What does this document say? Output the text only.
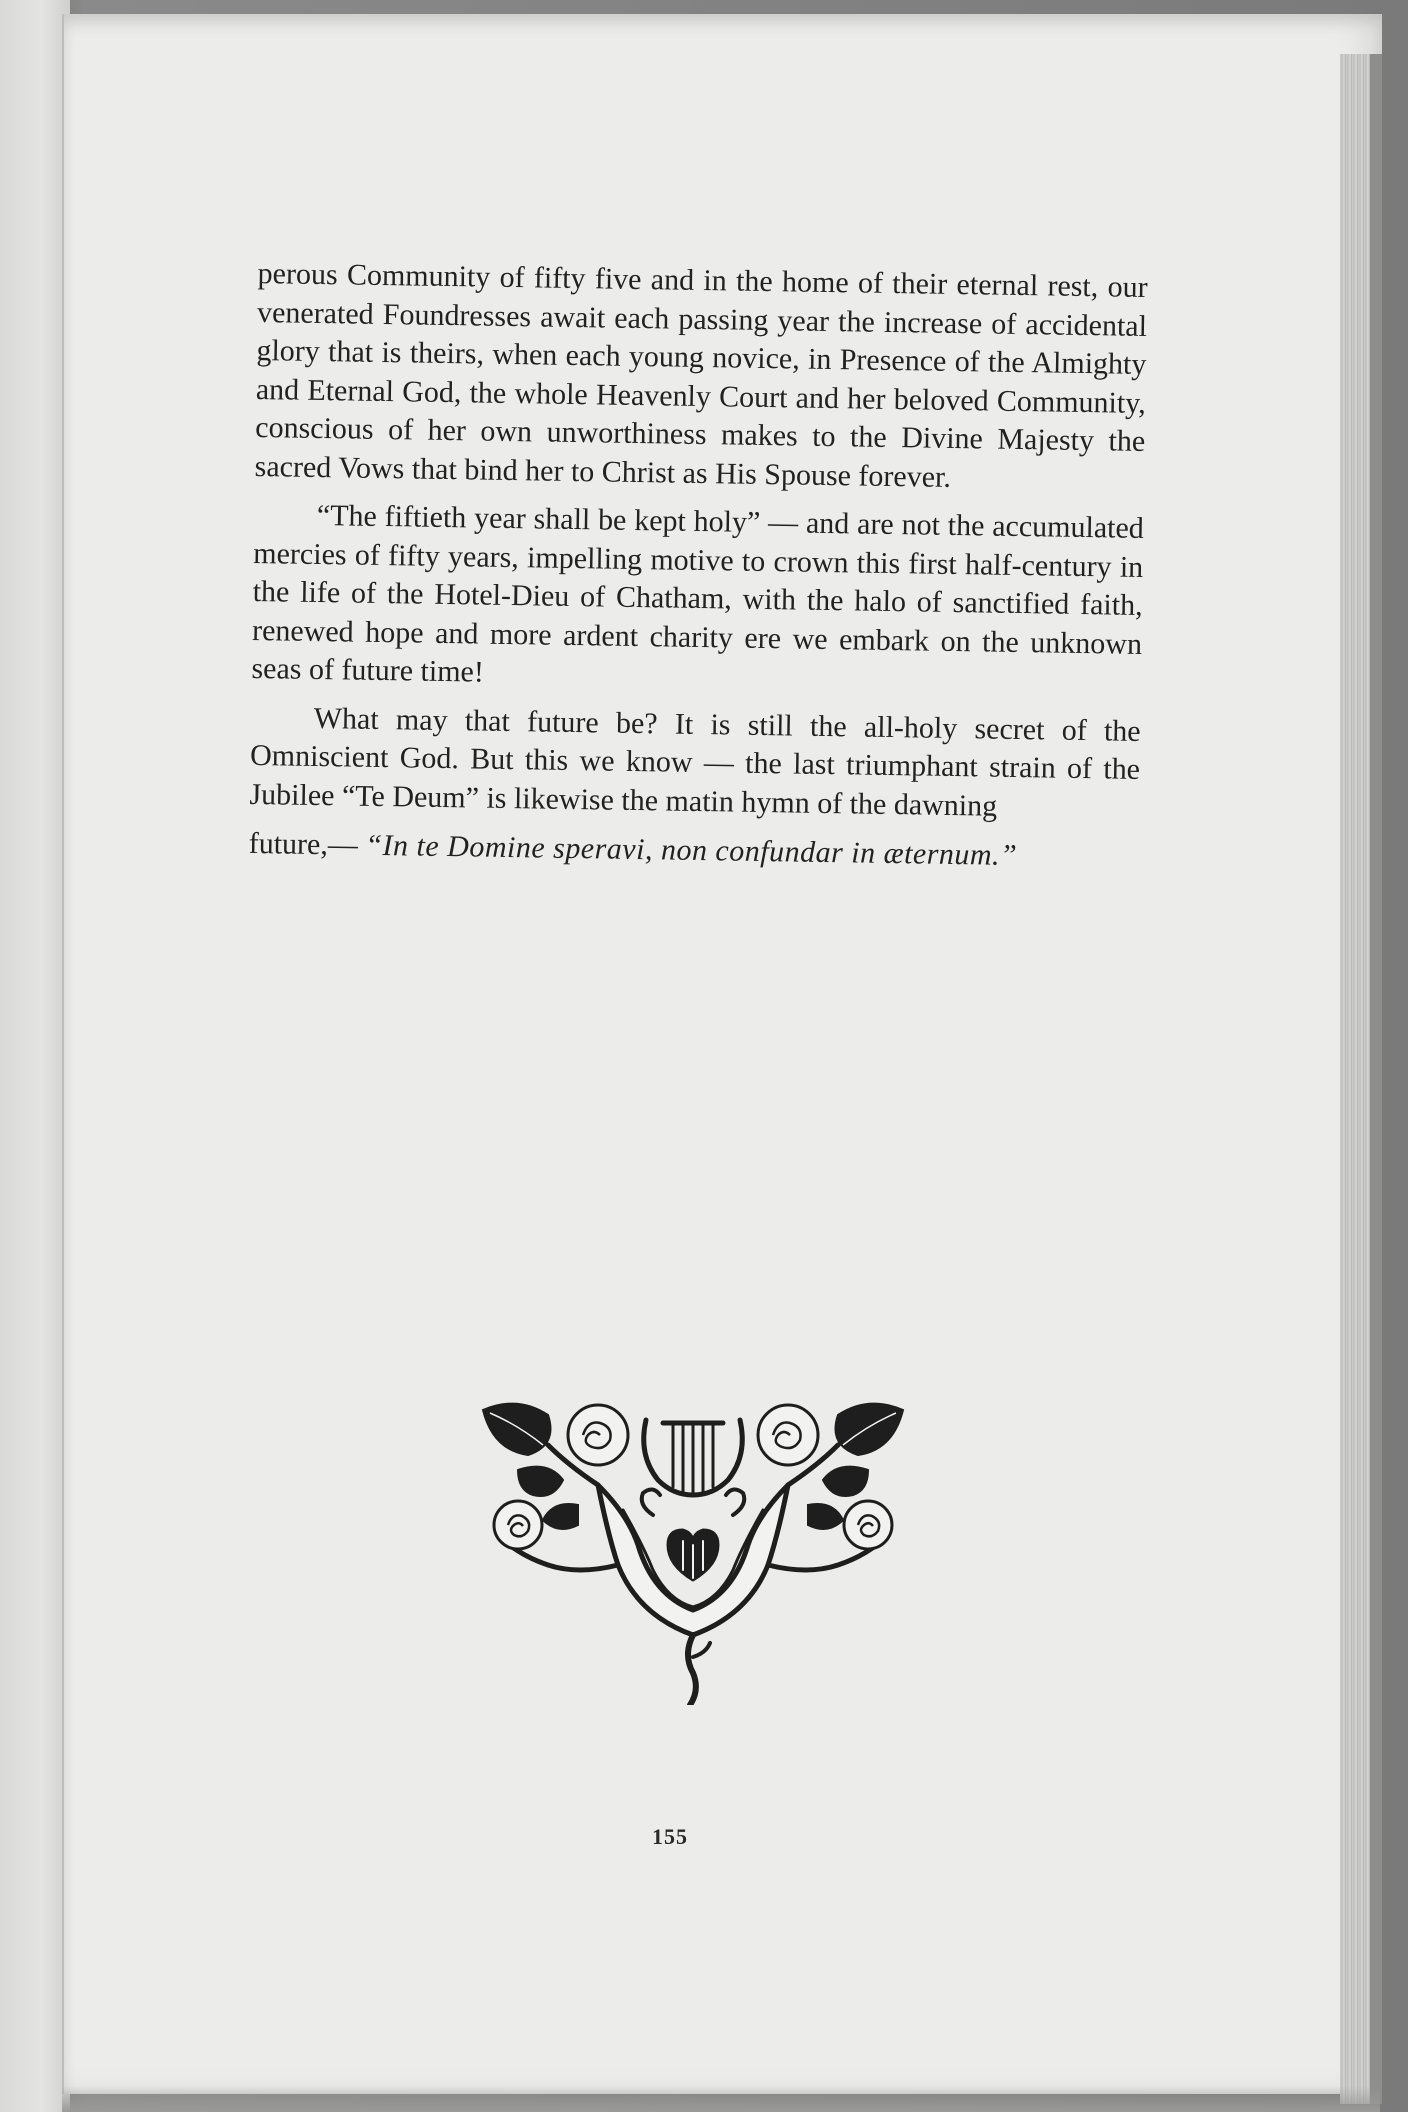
perous Community of fifty five and in the home of their eternal rest, our venerated Foundresses await each passing year the increase of accidental glory that is theirs, when each young novice, in Presence of the Almighty and Eternal God, the whole Heavenly Court and her beloved Community, conscious of her own unworthiness makes to the Divine Majesty the sacred Vows that bind her to Christ as His Spouse forever.

“The fiftieth year shall be kept holy” — and are not the accumulated mercies of fifty years, impelling motive to crown this first half-century in the life of the Hotel-Dieu of Chatham, with the halo of sanctified faith, renewed hope and more ardent charity ere we embark on the unknown seas of future time!

What may that future be? It is still the all-holy secret of the Omniscient God. But this we know — the last triumphant strain of the Jubilee “Te Deum” is likewise the matin hymn of the dawning

future,— “In te Domine speravi, non confundar in æternum.”

155
